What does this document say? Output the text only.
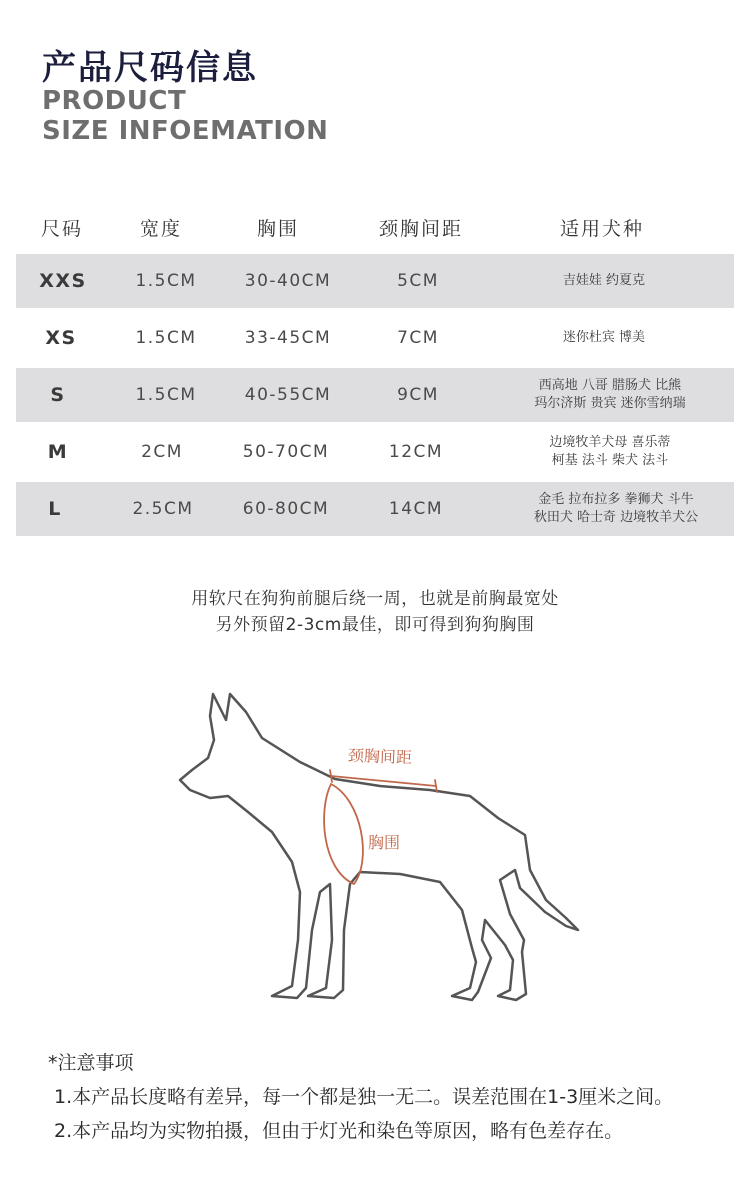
产品尺码信息
PRODUCT
SIZE INFOEMATION
尺码	宽度	胸围	颈胸间距	适用犬种
XXS	1.5CM	30-40CM	5CM	吉娃娃 约夏克
XS	1.5CM	33-45CM	7CM	迷你杜宾 博美
S	1.5CM	40-55CM	9CM	西高地 八哥 腊肠犬 比熊
玛尔济斯 贵宾 迷你雪纳瑞
M	2CM	50-70CM	12CM	边境牧羊犬母 喜乐蒂
柯基 法斗 柴犬 法斗
L	2.5CM	60-80CM	14CM	金毛 拉布拉多 拳狮犬 斗牛
秋田犬 哈士奇 边境牧羊犬公
用软尺在狗狗前腿后绕一周，也就是前胸最宽处
另外预留2-3cm最佳，即可得到狗狗胸围
颈胸间距
胸围
*注意事项
1.本产品长度略有差异，每一个都是独一无二。误差范围在1-3厘米之间。
2.本产品均为实物拍摄，但由于灯光和染色等原因，略有色差存在。
